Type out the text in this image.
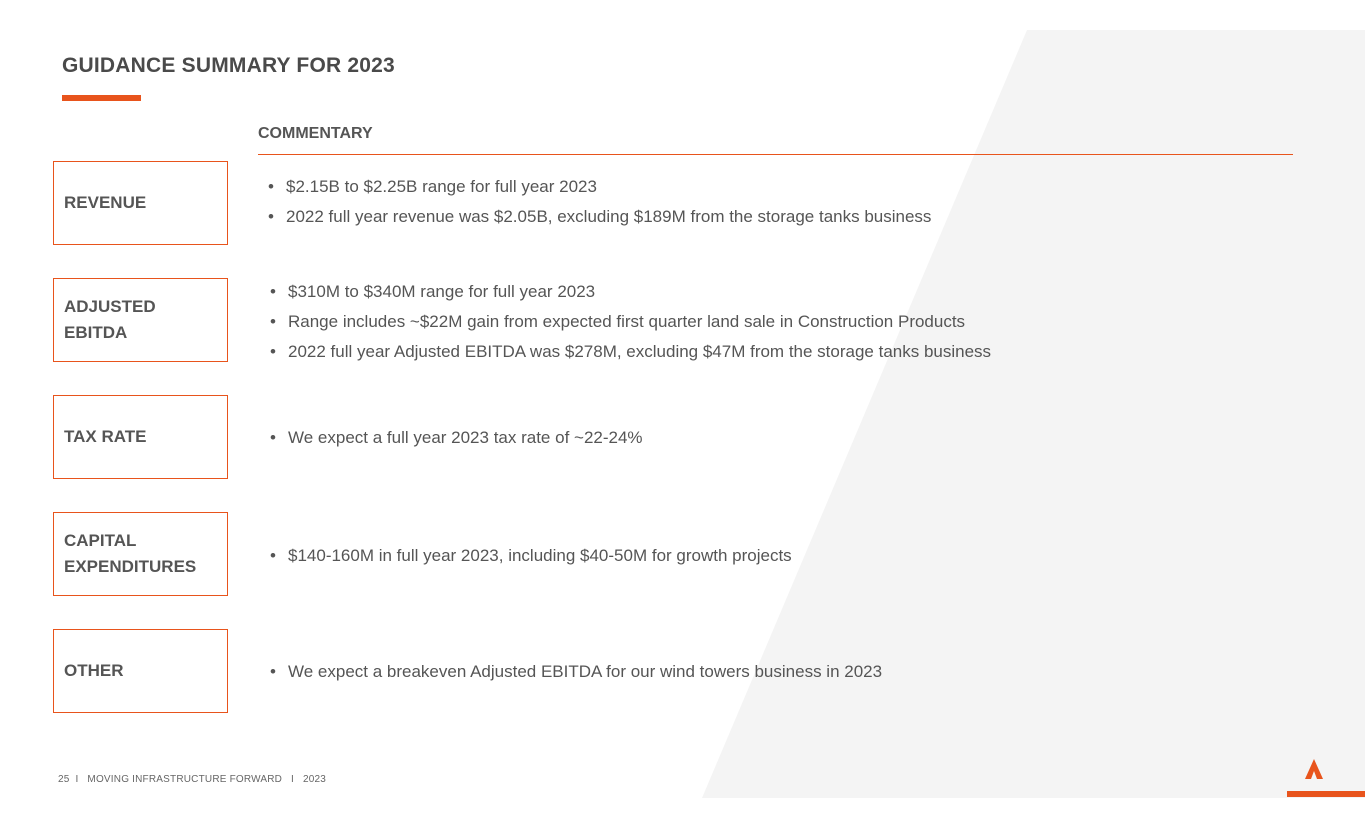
GUIDANCE SUMMARY FOR 2023
COMMENTARY
REVENUE
• $2.15B to $2.25B range for full year 2023
• 2022 full year revenue was $2.05B, excluding $189M from the storage tanks business
ADJUSTED
EBITDA
• $310M to $340M range for full year 2023
• Range includes ~$22M gain from expected first quarter land sale in Construction Products
• 2022 full year Adjusted EBITDA was $278M, excluding $47M from the storage tanks business
TAX RATE	• We expect a full year 2023 tax rate of ~22-24%
CAPITAL
EXPENDITURES
• $140-160M in full year 2023, including $40-50M for growth projects
OTHER	• We expect a breakeven Adjusted EBITDA for our wind towers business in 2023
25 I MOVING INFRASTRUCTURE FORWARD I 2023
